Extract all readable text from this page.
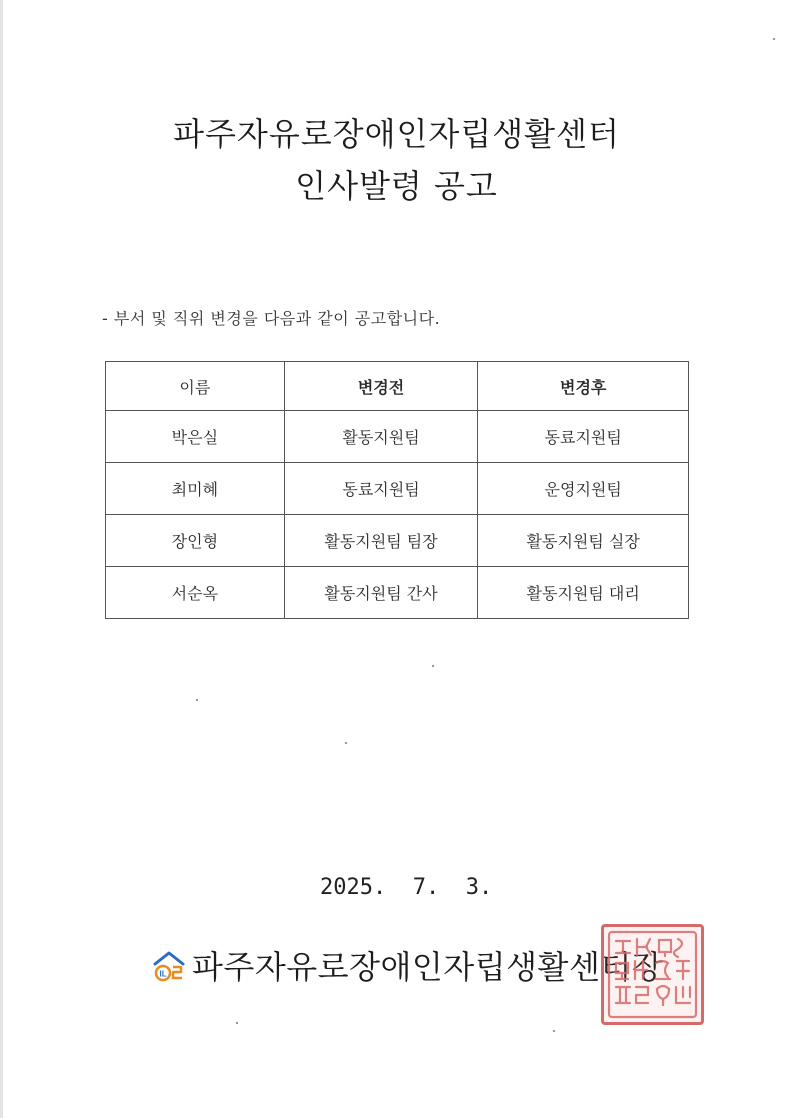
파주자유로장애인자립생활센터
인사발령 공고
- 부서 및 직위 변경을 다음과 같이 공고합니다.
이름	변경전	변경후
박은실	활동지원팀	동료지원팀
최미혜	동료지원팀	운영지원팀
장인형	활동지원팀 팀장	활동지원팀 실장
서순옥	활동지원팀 간사	활동지원팀 대리
2025.  7.  3.
IL 파주자유로장애인자립생활센터장
